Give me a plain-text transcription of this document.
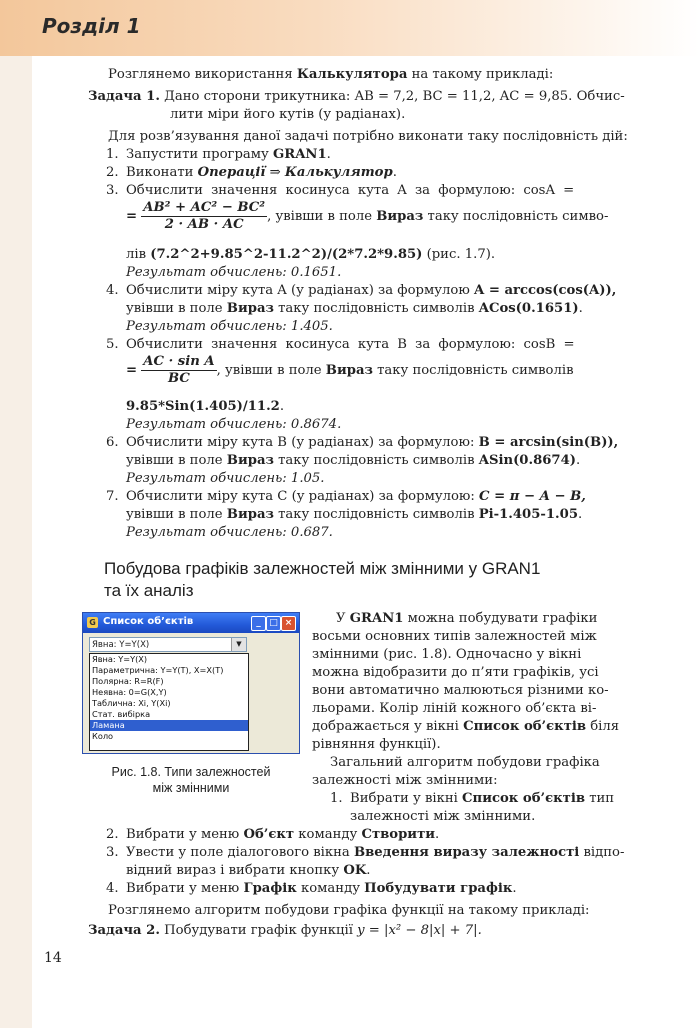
Розділ 1
Розглянемо використання Калькулятора на такому прикладі:
Задача 1. Дано сторони трикутника: AB = 7,2, BC = 11,2, AC = 9,85. Обчис-
лити міри його кутів (у радіанах).
Для розв’язування даної задачі потрібно виконати таку послідовність дій:
1. Запустити програму GRAN1.
2. Виконати Операції ⇒ Калькулятор.
3. Обчислити значення косинуса кута A за формулою: cosA =
= $\frac{\text{AB² + AC² − BC²}}{2 \cdot AB \cdot AC}$ , увівши в поле Вираз таку послідовність симво-
лів (7.2^2+9.85^2-11.2^2)/(2*7.2*9.85) (рис. 1.7).
Результат обчислень: 0.1651.
4. Обчислити міру кута A (у радіанах) за формулою A = arccos(cos(A)),
увівши в поле Вираз таку послідовність символів ACos(0.1651).
Результат обчислень: 1.405.
5. Обчислити значення косинуса кута B за формулою: cosB =
= $\frac{\text{AC · sin A}}{BC}$ , увівши в поле Вираз таку послідовність символів
9.85*Sin(1.405)/11.2.
Результат обчислень: 0.8674.
6. Обчислити міру кута B (у радіанах) за формулою: B = arcsin(sin(B)),
увівши в поле Вираз таку послідовність символів ASin(0.8674).
Результат обчислень: 1.05.
7. Обчислити міру кута C (у радіанах) за формулою: C = π − A − B,
увівши в поле Вираз таку послідовність символів Pi-1.405-1.05.
Результат обчислень: 0.687.
Побудова графіків залежностей між змінними у GRAN1
та їх аналіз
G Список об’єктів	_ □ ×
Явна: Y=Y(X)	▼
Явна: Y=Y(X)
Параметрична: Y=Y(T), X=X(T)
Полярна: R=R(F)
Неявна: 0=G(X,Y)
Таблична: Xi, Y(Xi)
Стат. вибірка
Ламана
Коло
Рис. 1.8. Типи залежностей
між змінними
У GRAN1 можна побудувати графіки
восьми основних типів залежностей між
змінними (рис. 1.8). Одночасно у вікні
можна відобразити до п’яти графіків, усі
вони автоматично малюються різними ко-
льорами. Колір ліній кожного об’єкта ві-
дображається у вікні Список об’єктів біля
рівняння функції).
Загальний алгоритм побудови графіка
залежності між змінними:
1. Вибрати у вікні Список об’єктів тип
залежності між змінними.
2. Вибрати у меню Об’єкт команду Створити.
3. Увести у поле діалогового вікна Введення виразу залежності відпо-
відний вираз і вибрати кнопку OK.
4. Вибрати у меню Графік команду Побудувати графік.
Розглянемо алгоритм побудови графіка функції на такому прикладі:
Задача 2. Побудувати графік функції y = |x² − 8|x| + 7|.
14
